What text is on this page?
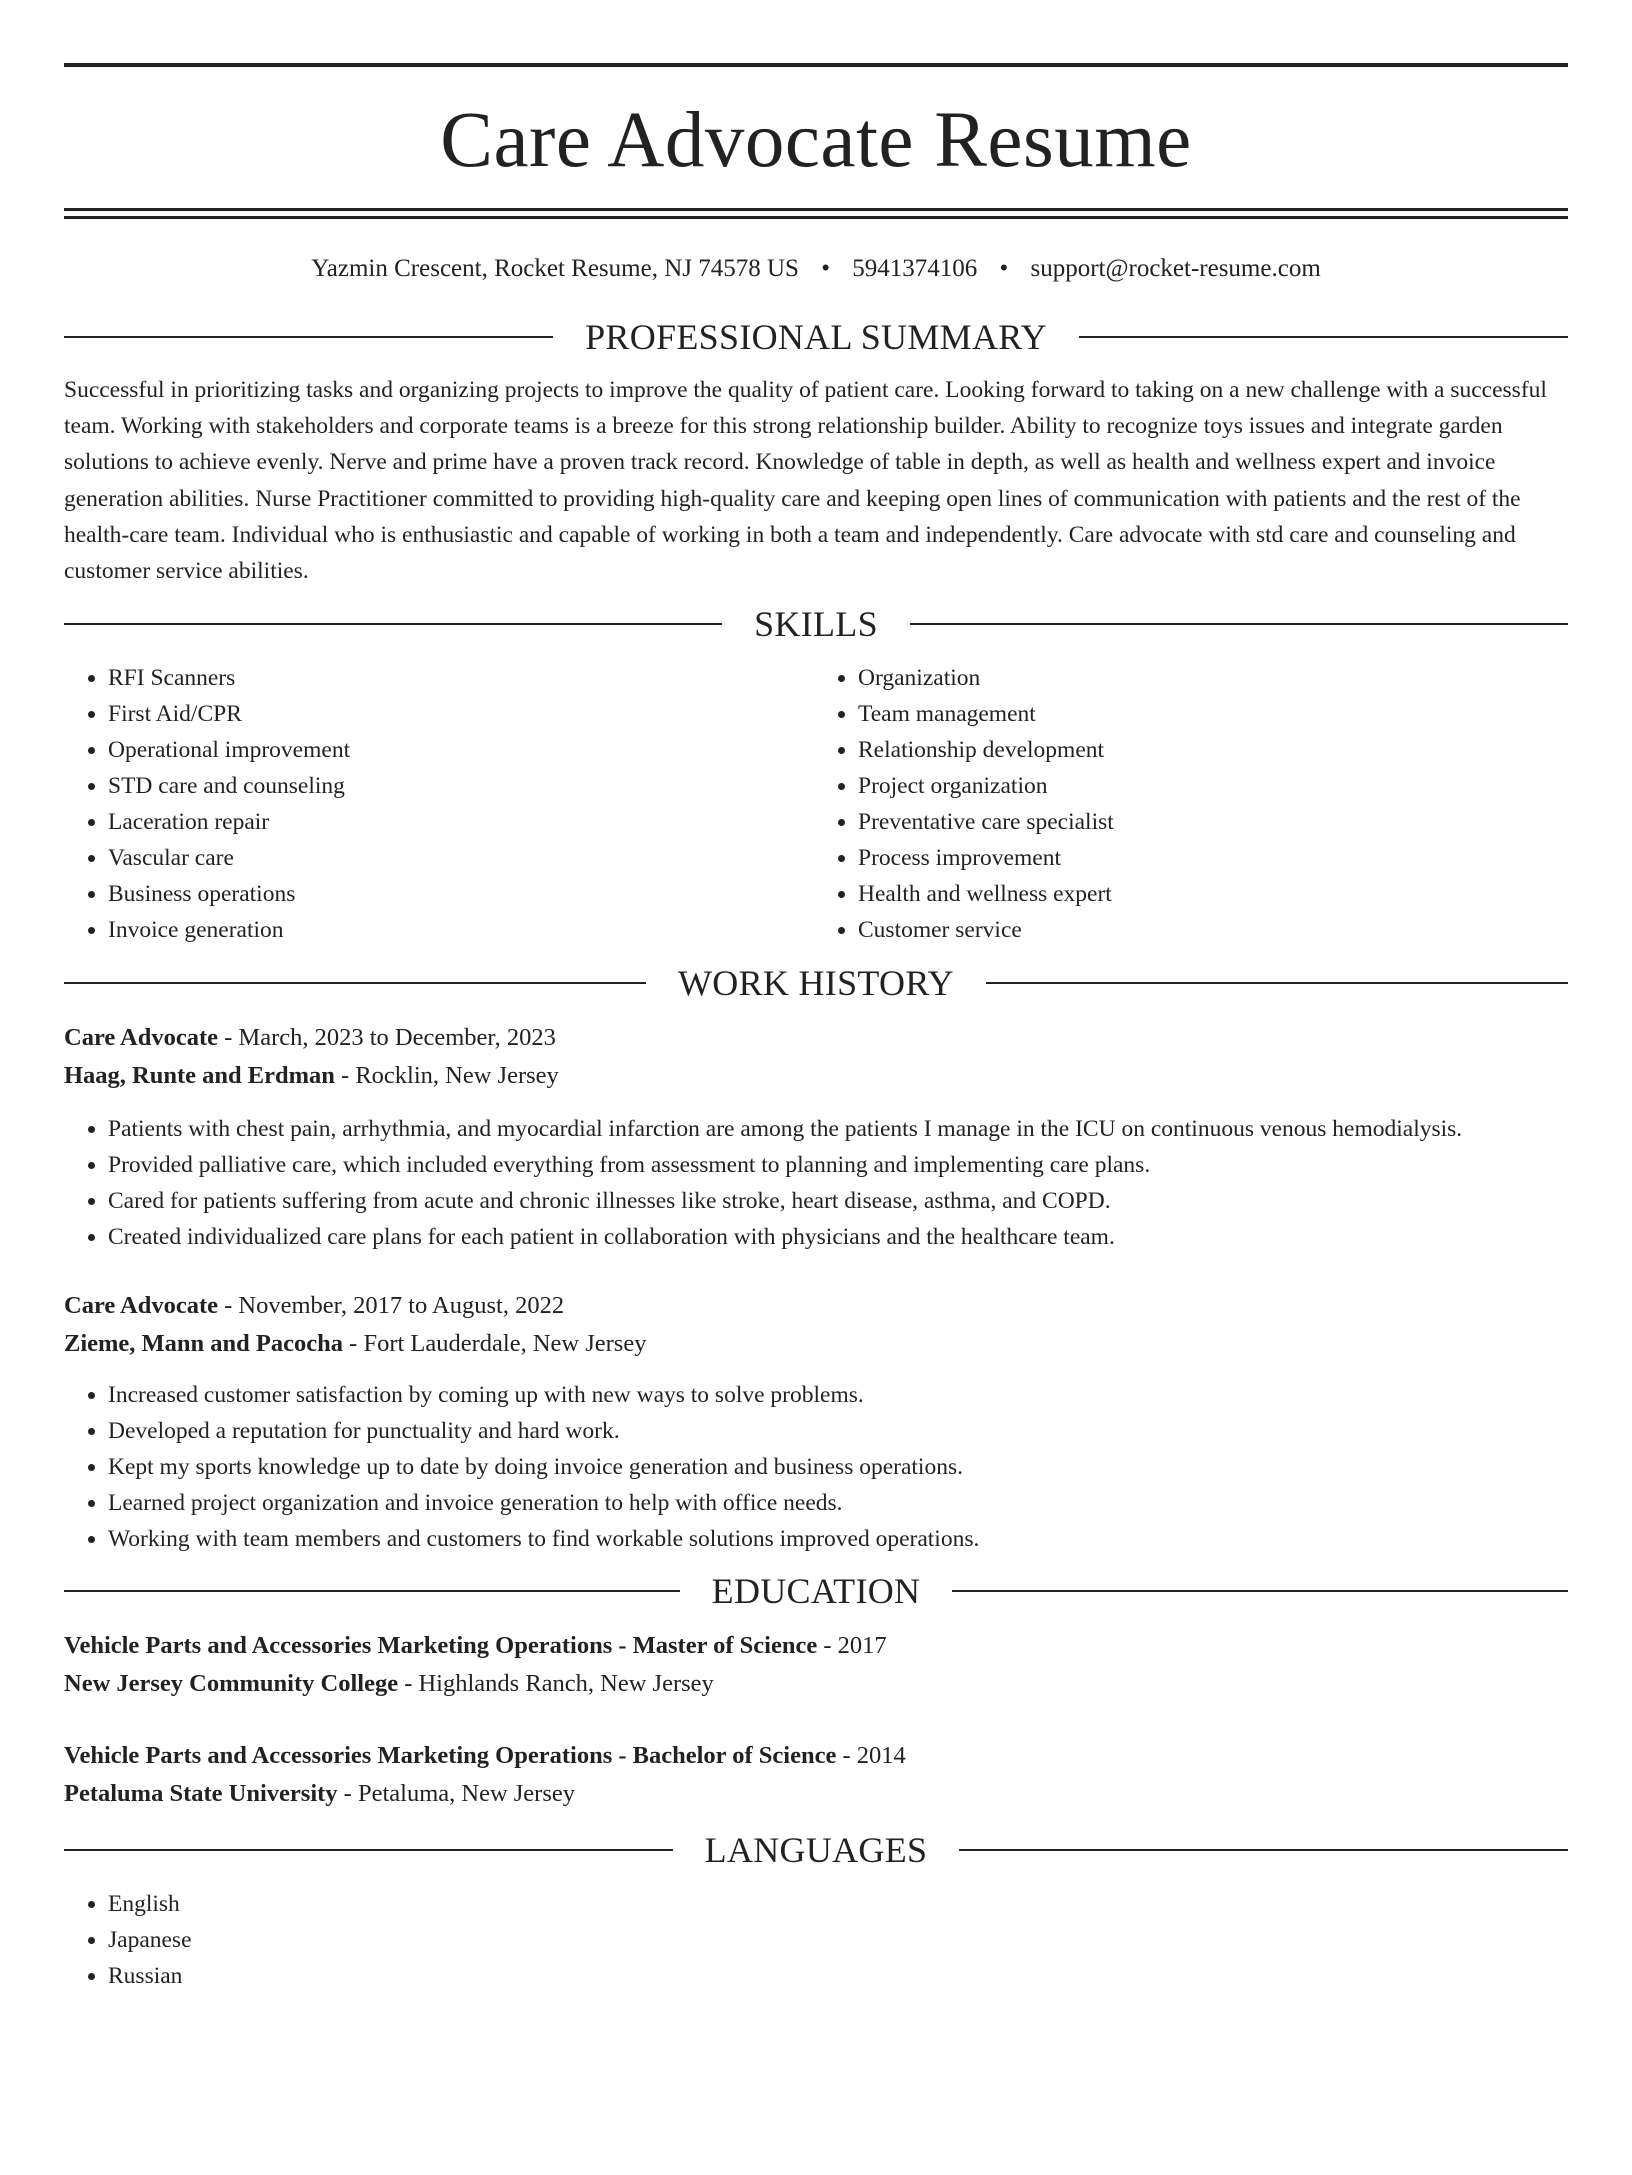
Care Advocate Resume
Yazmin Crescent, Rocket Resume, NJ 74578 US • 5941374106 • support@rocket-resume.com
PROFESSIONAL SUMMARY

Successful in prioritizing tasks and organizing projects to improve the quality of patient care. Looking forward to taking on a new challenge with a successful team. Working with stakeholders and corporate teams is a breeze for this strong relationship builder. Ability to recognize toys issues and integrate garden solutions to achieve evenly. Nerve and prime have a proven track record. Knowledge of table in depth, as well as health and wellness expert and invoice generation abilities. Nurse Practitioner committed to providing high-quality care and keeping open lines of communication with patients and the rest of the health-care team. Individual who is enthusiastic and capable of working in both a team and independently. Care advocate with std care and counseling and customer service abilities.

SKILLS
• RFI Scanners
• First Aid/CPR
• Operational improvement
• STD care and counseling
• Laceration repair
• Vascular care
• Business operations
• Invoice generation
• Organization
• Team management
• Relationship development
• Project organization
• Preventative care specialist
• Process improvement
• Health and wellness expert
• Customer service
WORK HISTORY
Care Advocate - March, 2023 to December, 2023
Haag, Runte and Erdman - Rocklin, New Jersey
• Patients with chest pain, arrhythmia, and myocardial infarction are among the patients I manage in the ICU on continuous venous hemodialysis.
• Provided palliative care, which included everything from assessment to planning and implementing care plans.
• Cared for patients suffering from acute and chronic illnesses like stroke, heart disease, asthma, and COPD.
• Created individualized care plans for each patient in collaboration with physicians and the healthcare team.
Care Advocate - November, 2017 to August, 2022
Zieme, Mann and Pacocha - Fort Lauderdale, New Jersey
• Increased customer satisfaction by coming up with new ways to solve problems.
• Developed a reputation for punctuality and hard work.
• Kept my sports knowledge up to date by doing invoice generation and business operations.
• Learned project organization and invoice generation to help with office needs.
• Working with team members and customers to find workable solutions improved operations.
EDUCATION
Vehicle Parts and Accessories Marketing Operations - Master of Science - 2017
New Jersey Community College - Highlands Ranch, New Jersey
Vehicle Parts and Accessories Marketing Operations - Bachelor of Science - 2014
Petaluma State University - Petaluma, New Jersey
LANGUAGES
• English
• Japanese
• Russian
